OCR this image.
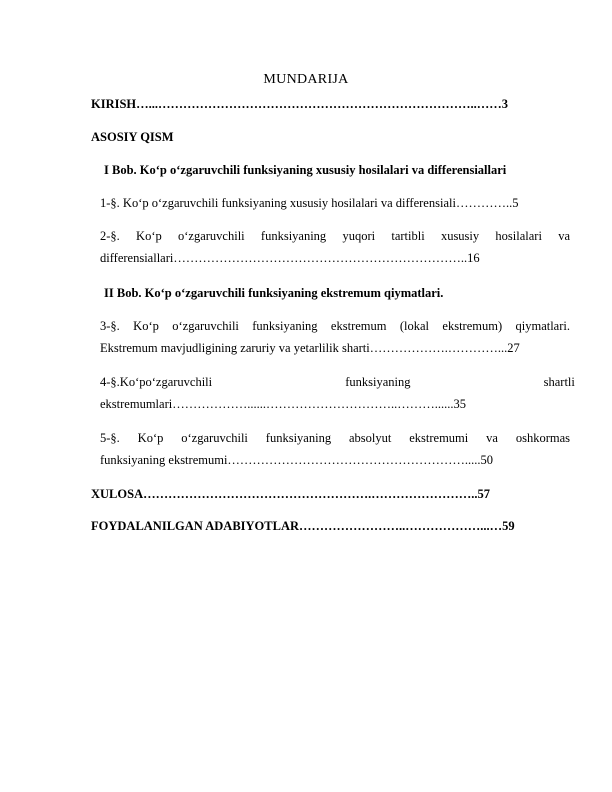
MUNDARIJA
KIRISH…...…………………………………………………………………..……3
ASOSIY QISM
I Bob. Ko‘p o‘zgaruvchili funksiyaning xususiy hosilalari va differensiallari
1-§. Ko‘p o‘zgaruvchili funksiyaning xususiy hosilalari va differensiali…………..5
2-§. Ko‘p o‘zgaruvchili funksiyaning yuqori tartibli xususiy hosilalari va
differensiallari……………………………………………………………..16
II Bob. Ko‘p o‘zgaruvchili funksiyaning ekstremum qiymatlari.
3-§. Ko‘p o‘zgaruvchili funksiyaning ekstremum (lokal ekstremum) qiymatlari.
Ekstremum mavjudligining zaruriy va yetarlilik sharti……………….…………...27
4-§.Ko‘po‘zgaruvchili funksiyaning shartli
ekstremumlari………………......…………………………..………......35
5-§. Ko‘p o‘zgaruvchili funksiyaning absolyut ekstremumi va oshkormas
funksiyaning ekstremumi………………………………………………….....50
XULOSA……………………………………………….……………………..57
FOYDALANILGAN ADABIYOTLAR……………………..………………...…59
